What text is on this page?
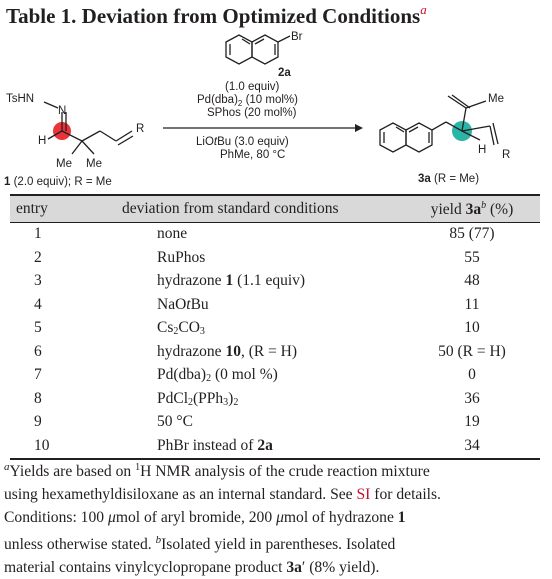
Table 1. Deviation from Optimized Conditions$^a$
TsHN
N
H
R
Me Me
1 (2.0 equiv); R = Me
Br
2a
(1.0 equiv)
$Pd(dba)_2$ (10 mol%)
SPhos (20 mol%)
LiOtBu (3.0 equiv)
PhMe, 80 °C
Me
H R
3a (R = Me)
entry	deviation from standard conditions	yield $3a^b$ (%)
1	none	85 (77)
2	RuPhos	55
3	hydrazone 1 (1.1 equiv)	48
4	NaOtBu	11
5	$Cs_2CO_3$	10
6	hydrazone 10, (R = H)	50 (R = H)
7	$Pd(dba)_2$ (0 mol %)	0
8	$PdCl_2(PPh_3)_2$	36
9	50 °C	19
10	PhBr instead of 2a	34

$^a$Yields are based on $^1$H NMR analysis of the crude reaction mixture

using hexamethyldisiloxane as an internal standard. See SI for details.

Conditions: 100 μmol of aryl bromide, 200 μmol of hydrazone 1

unless otherwise stated. $^b$Isolated yield in parentheses. Isolated

material contains vinylcyclopropane product 3a′ (8% yield).
